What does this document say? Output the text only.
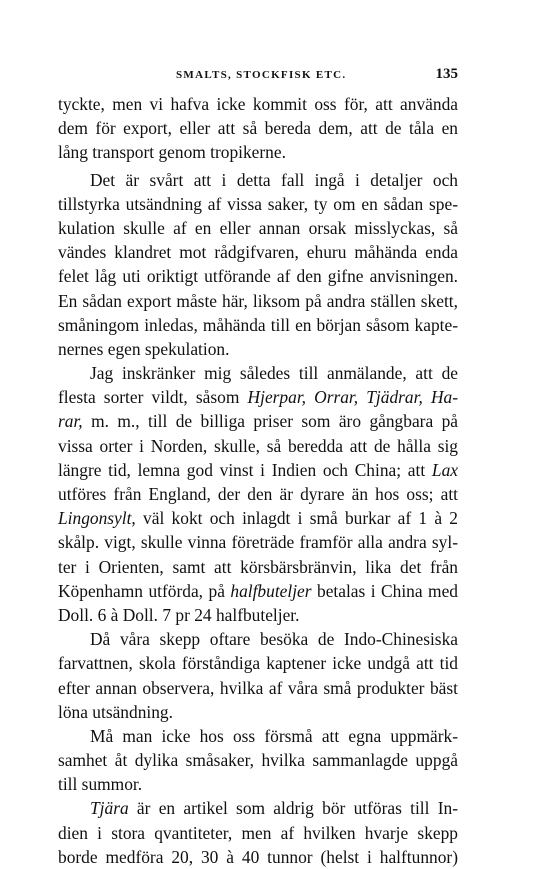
SMALTS, STOCKFISK ETC.	135
tyckte, men vi hafva icke kommit oss för, att använda
dem för export, eller att så bereda dem, att de tåla en
lång transport genom tropikerne.
Det är svårt att i detta fall ingå i detaljer och
tillstyrka utsändning af vissa saker, ty om en sådan spe-
kulation skulle af en eller annan orsak misslyckas, så
vändes klandret mot rådgifvaren, ehuru måhända enda
felet låg uti oriktigt utförande af den gifne anvisningen.
En sådan export måste här, liksom på andra ställen skett,
småningom inledas, måhända till en början såsom kapte-
nernes egen spekulation.
Jag inskränker mig således till anmälande, att de
flesta sorter vildt, såsom Hjerpar, Orrar, Tjädrar, Ha-
rar, m. m., till de billiga priser som äro gångbara på
vissa orter i Norden, skulle, så beredda att de hålla sig
längre tid, lemna god vinst i Indien och China; att Lax
utföres från England, der den är dyrare än hos oss; att
Lingonsylt, väl kokt och inlagdt i små burkar af 1 à 2
skålp. vigt, skulle vinna företräde framför alla andra syl-
ter i Orienten, samt att körsbärsbränvin, lika det från
Köpenhamn utförda, på halfbuteljer betalas i China med
Doll. 6 à Doll. 7 pr 24 halfbuteljer.
Då våra skepp oftare besöka de Indo-Chinesiska
farvattnen, skola förståndiga kaptener icke undgå att tid
efter annan observera, hvilka af våra små produkter bäst
löna utsändning.
Må man icke hos oss försmå att egna uppmärk-
samhet åt dylika småsaker, hvilka sammanlagde uppgå
till summor.
Tjära är en artikel som aldrig bör utföras till In-
dien i stora qvantiteter, men af hvilken hvarje skepp
borde medföra 20, 30 à 40 tunnor (helst i halftunnor)
